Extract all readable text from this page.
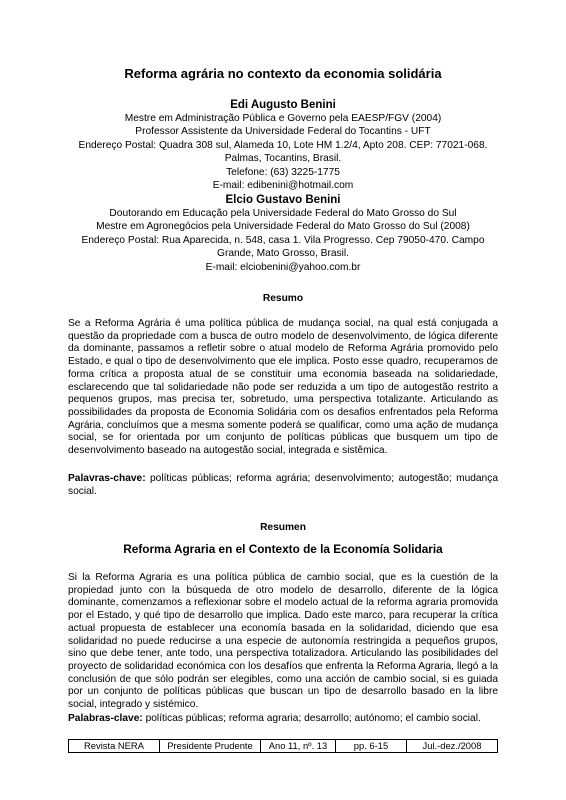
Reforma agrária no contexto da economia solidária
Edi Augusto Benini
Mestre em Administração Pública e Governo pela EAESP/FGV (2004)
Professor Assistente da Universidade Federal do Tocantins - UFT
Endereço Postal: Quadra 308 sul, Alameda 10, Lote HM 1.2/4, Apto 208. CEP: 77021-068.
Palmas, Tocantins, Brasil.
Telefone: (63) 3225-1775
E-mail: edibenini@hotmail.com
Elcio Gustavo Benini
Doutorando em Educação pela Universidade Federal do Mato Grosso do Sul
Mestre em Agronegócios pela Universidade Federal do Mato Grosso do Sul (2008)
Endereço Postal: Rua Aparecida, n. 548, casa 1. Vila Progresso. Cep 79050-470. Campo
Grande, Mato Grosso, Brasil.
E-mail: elciobenini@yahoo.com.br
Resumo
Se a Reforma Agrária é uma política pública de mudança social, na qual está conjugada a questão da propriedade com a busca de outro modelo de desenvolvimento, de lógica diferente da dominante, passamos a refletir sobre o atual modelo de Reforma Agrária promovido pelo Estado, e qual o tipo de desenvolvimento que ele implica. Posto esse quadro, recuperamos de forma crítica a proposta atual de se constituir uma economia baseada na solidariedade, esclarecendo que tal solidariedade não pode ser reduzida a um tipo de autogestão restrito a pequenos grupos, mas precisa ter, sobretudo, uma perspectiva totalizante. Articulando as possibilidades da proposta de Economia Solidária com os desafios enfrentados pela Reforma Agrária, concluímos que a mesma somente poderá se qualificar, como uma ação de mudança social, se for orientada por um conjunto de políticas públicas que busquem um tipo de desenvolvimento baseado na autogestão social, integrada e sistêmica.
Palavras-chave: políticas públicas; reforma agrária; desenvolvimento; autogestão; mudança social.
Resumen
Reforma Agraria en el Contexto de la Economía Solidaria
Si la Reforma Agraria es una política pública de cambio social, que es la cuestión de la propiedad junto con la búsqueda de otro modelo de desarrollo, diferente de la lógica dominante, comenzamos a reflexionar sobre el modelo actual de la reforma agraria promovida por el Estado, y qué tipo de desarrollo que implica. Dado este marco, para recuperar la crítica actual propuesta de establecer una economía basada en la solidaridad, diciendo que esa solidaridad no puede reducirse a una especie de autonomía restringida a pequeños grupos, sino que debe tener, ante todo, una perspectiva totalizadora. Articulando las posibilidades del proyecto de solidaridad económica con los desafíos que enfrenta la Reforma Agraria, llegó a la conclusión de que sólo podrán ser elegibles, como una acción de cambio social, si es guiada por un conjunto de políticas públicas que buscan un tipo de desarrollo basado en la libre social, integrado y sistémico.
Palabras-clave: políticas públicas; reforma agraria; desarrollo; autónomo; el cambio social.
Revista NERA	Presidente Prudente	Ano 11, nº. 13	pp. 6-15	Jul.-dez./2008
